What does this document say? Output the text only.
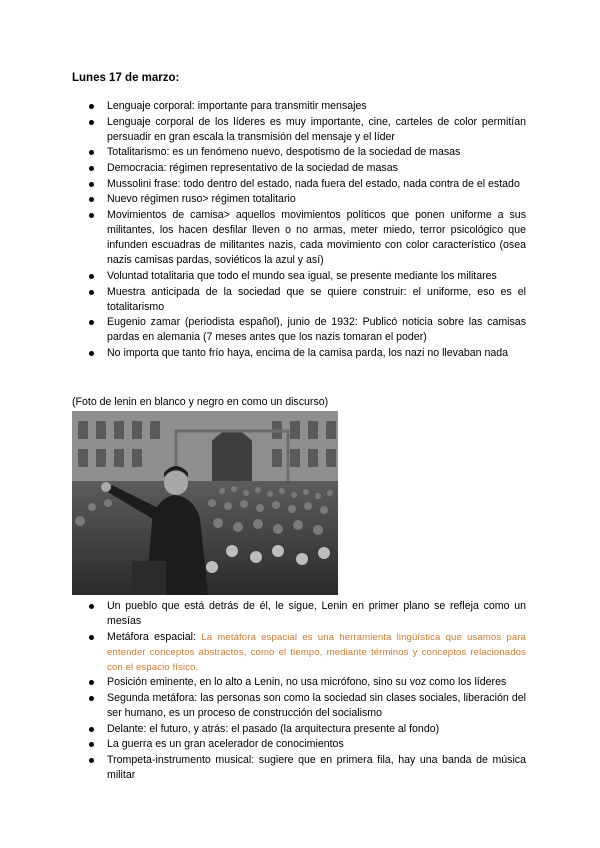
Lunes 17 de marzo:
Lenguaje corporal: importante para transmitir mensajes
Lenguaje corporal de los líderes es muy importante, cine, carteles de color permitían persuadir en gran escala la transmisión del mensaje y el líder
Totalitarismo: es un fenómeno nuevo, despotismo de la sociedad de masas
Democracia: régimen representativo de la sociedad de masas
Mussolini frase: todo dentro del estado, nada fuera del estado, nada contra de el estado
Nuevo régimen ruso> régimen totalitario
Movimientos de camisa> aquellos movimientos políticos que ponen uniforme a sus militantes, los hacen desfilar lleven o no armas, meter miedo, terror psicológico que infunden escuadras de militantes nazis, cada movimiento con color característico (osea nazis camisas pardas, soviéticos la azul y así)
Voluntad totalitaria que todo el mundo sea igual, se presente mediante los militares
Muestra anticipada de la sociedad que se quiere construir: el uniforme, eso es el totalitarismo
Eugenio zamar (periodista español), junio de 1932: Publicó noticia sobre las camisas pardas en alemania (7 meses antes que los nazis tomaran el poder)
No importa que tanto frío haya, encima de la camisa parda, los nazi no llevaban nada
(Foto de lenin en blanco y negro en como un discurso)
Un pueblo que está detrás de él, le sigue, Lenin en primer plano se refleja como un mesías
Metáfora espacial: La metáfora espacial es una herramienta lingüística que usamos para entender conceptos abstractos, como el tiempo, mediante términos y conceptos relacionados con el espacio físico.
Posición eminente, en lo alto a Lenin, no usa micrófono, sino su voz como los líderes
Segunda metáfora: las personas son como la sociedad sin clases sociales, liberación del ser humano, es un proceso de construcción del socialismo
Delante: el futuro, y atrás: el pasado (la arquitectura presente al fondo)
La guerra es un gran acelerador de conocimientos
Trompeta-instrumento musical: sugiere que en primera fila, hay una banda de música militar
